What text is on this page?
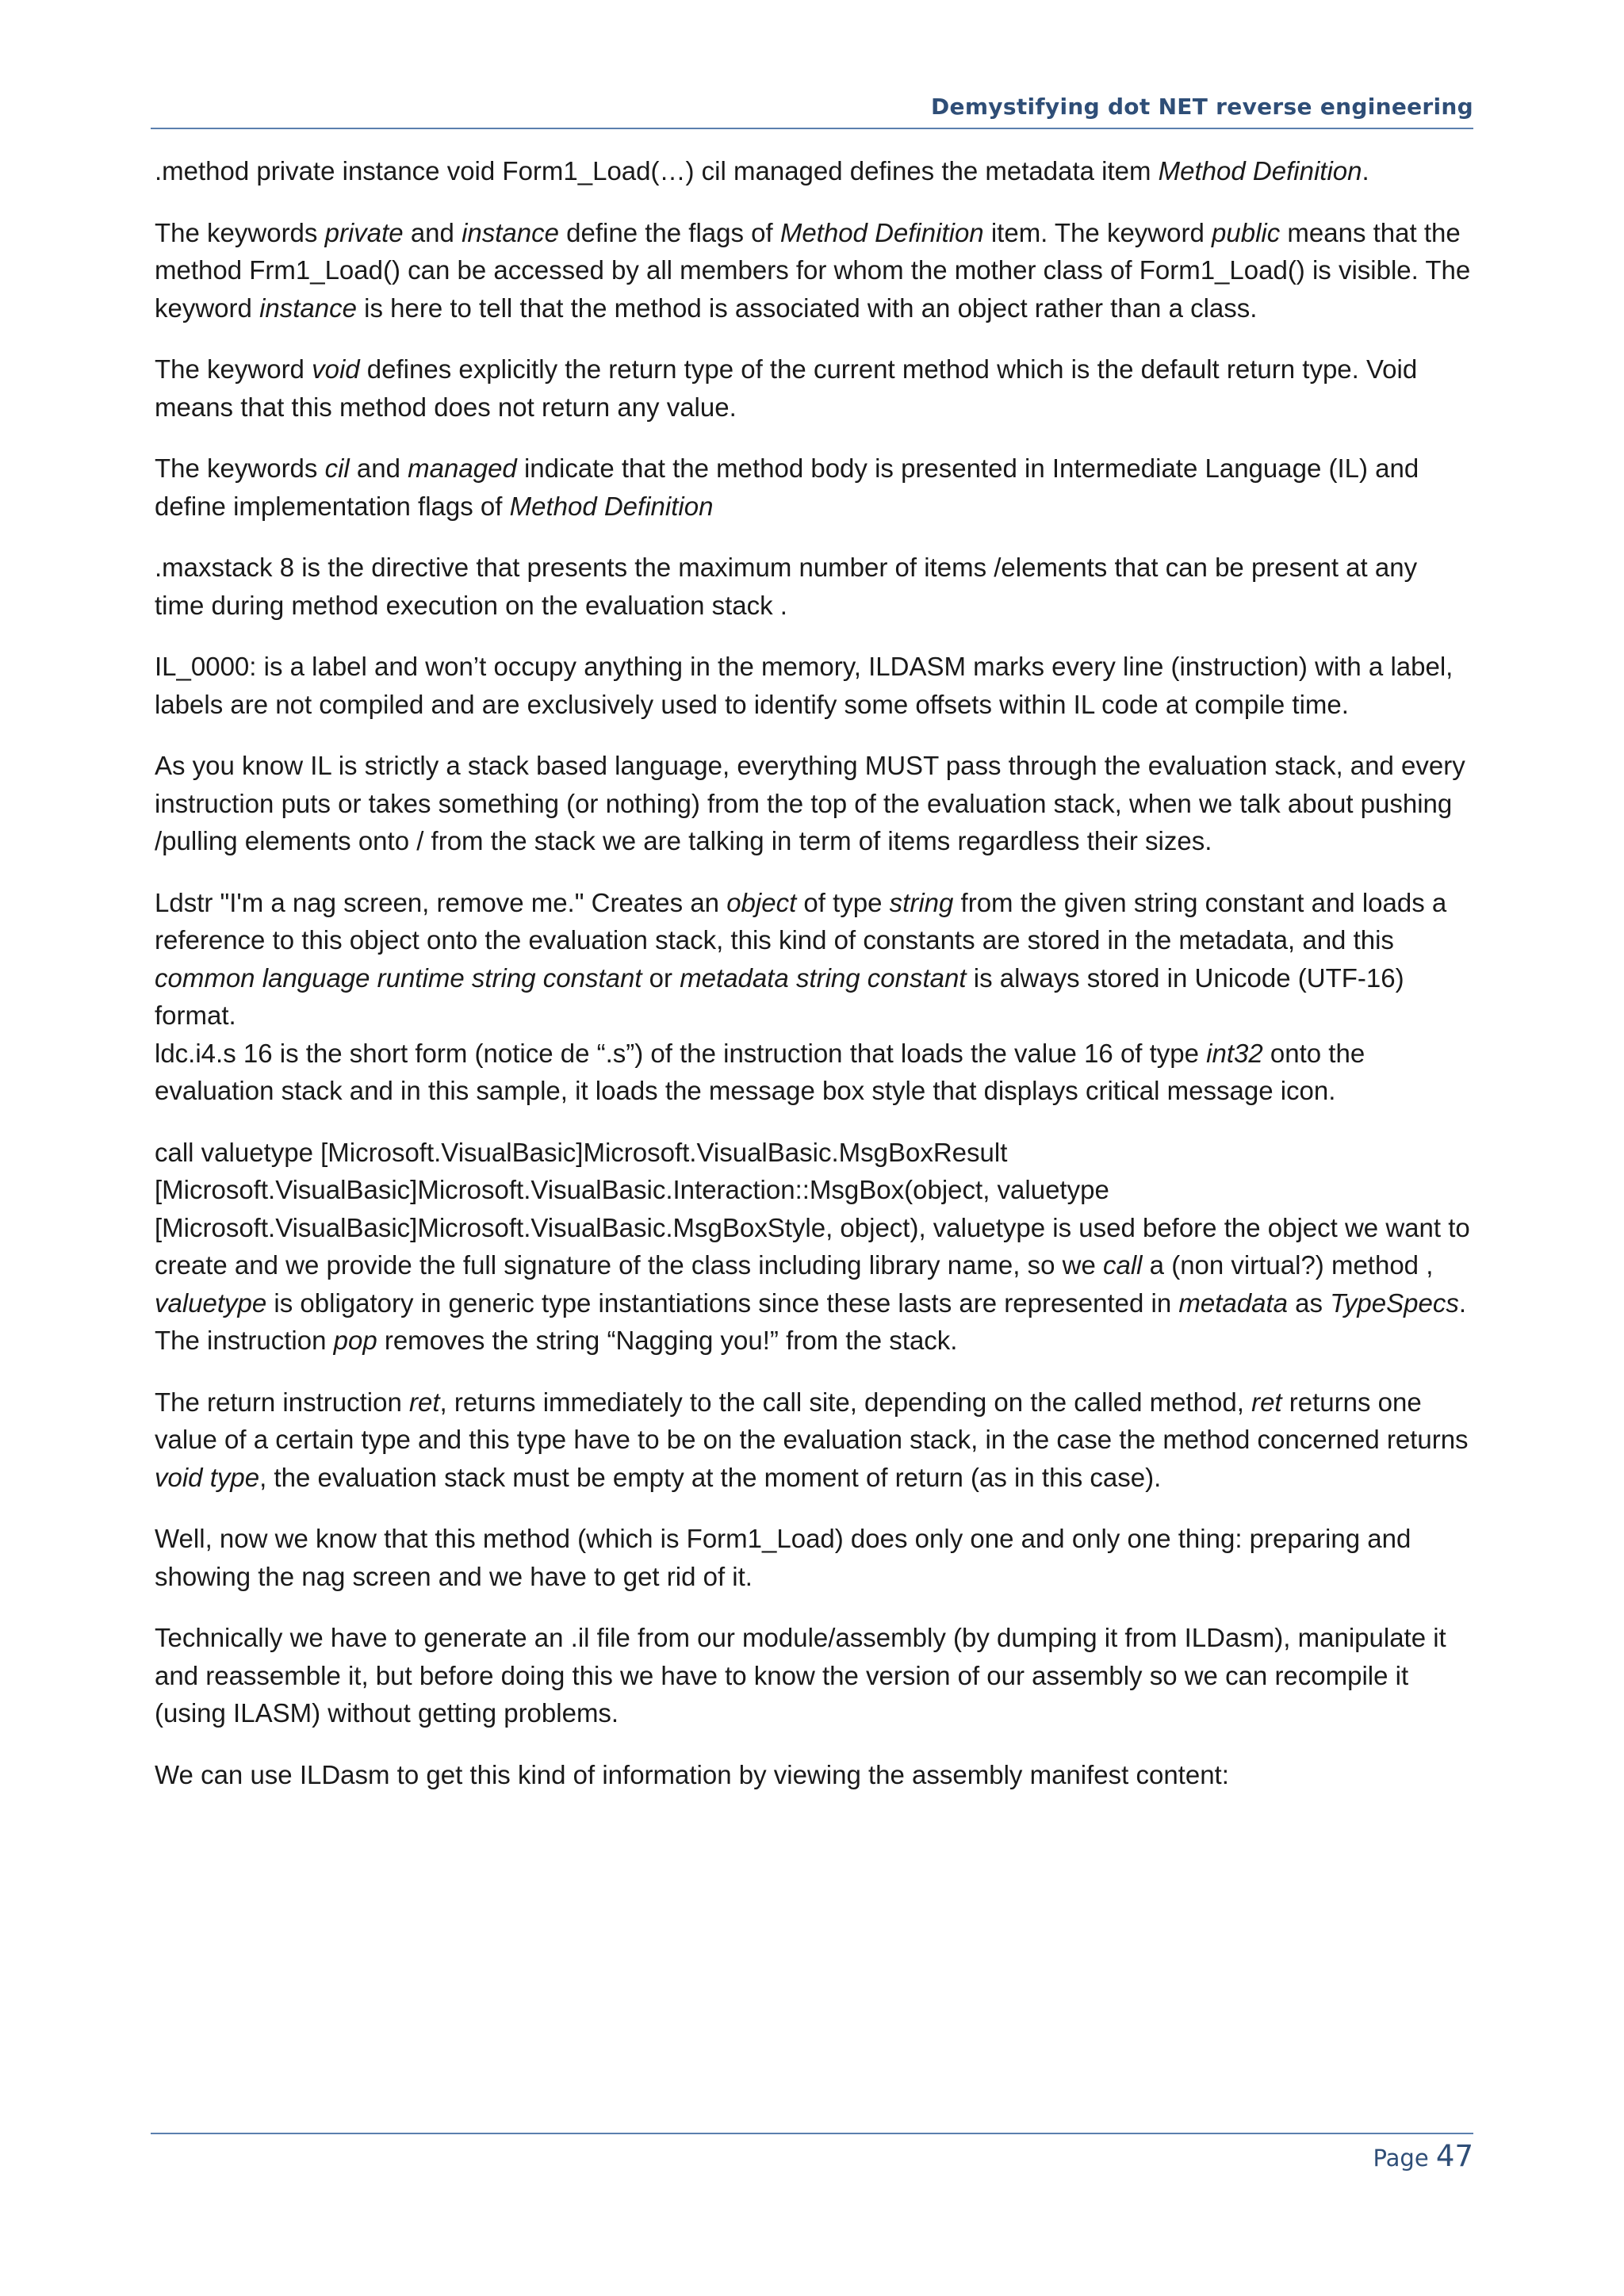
Demystifying dot NET reverse engineering

.method private instance void Form1_Load(…) cil managed defines the metadata item Method Definition.

The keywords private and instance define the flags of Method Definition item. The keyword public means that the method Frm1_Load() can be accessed by all members for whom the mother class of Form1_Load() is visible. The keyword instance is here to tell that the method is associated with an object rather than a class.

The keyword void defines explicitly the return type of the current method which is the default return type. Void means that this method does not return any value.

The keywords cil and managed indicate that the method body is presented in Intermediate Language (IL) and define implementation flags of Method Definition

.maxstack 8 is the directive that presents the maximum number of items /elements that can be present at any time during method execution on the evaluation stack .

IL_0000: is a label and won’t occupy anything in the memory, ILDASM marks every line (instruction) with a label, labels are not compiled and are exclusively used to identify some offsets within IL code at compile time.

As you know IL is strictly a stack based language, everything MUST pass through the evaluation stack, and every instruction puts or takes something (or nothing) from the top of the evaluation stack, when we talk about pushing /pulling elements onto / from the stack we are talking in term of items regardless their sizes.

Ldstr "I'm a nag screen, remove me." Creates an object of type string from the given string constant and loads a reference to this object onto the evaluation stack, this kind of constants are stored in the metadata, and this common language runtime string constant or metadata string constant is always stored in Unicode (UTF-16) format.

ldc.i4.s 16 is the short form (notice de “.s”) of the instruction that loads the value 16 of type int32 onto the evaluation stack and in this sample, it loads the message box style that displays critical message icon.

call valuetype [Microsoft.VisualBasic]Microsoft.VisualBasic.MsgBoxResult [Microsoft.VisualBasic]Microsoft.VisualBasic.Interaction::MsgBox(object, valuetype [Microsoft.VisualBasic]Microsoft.VisualBasic.MsgBoxStyle, object), valuetype is used before the object we want to create and we provide the full signature of the class including library name, so we call a (non virtual?) method , valuetype is obligatory in generic type instantiations since these lasts are represented in metadata as TypeSpecs.

The instruction pop removes the string “Nagging you!” from the stack.

The return instruction ret, returns immediately to the call site, depending on the called method, ret returns one value of a certain type and this type have to be on the evaluation stack, in the case the method concerned returns void type, the evaluation stack must be empty at the moment of return (as in this case).

Well, now we know that this method (which is Form1_Load) does only one and only one thing: preparing and showing the nag screen and we have to get rid of it.

Technically we have to generate an .il file from our module/assembly (by dumping it from ILDasm), manipulate it and reassemble it, but before doing this we have to know the version of our assembly so we can recompile it (using ILASM) without getting problems.

We can use ILDasm to get this kind of information by viewing the assembly manifest content:

Page 47
